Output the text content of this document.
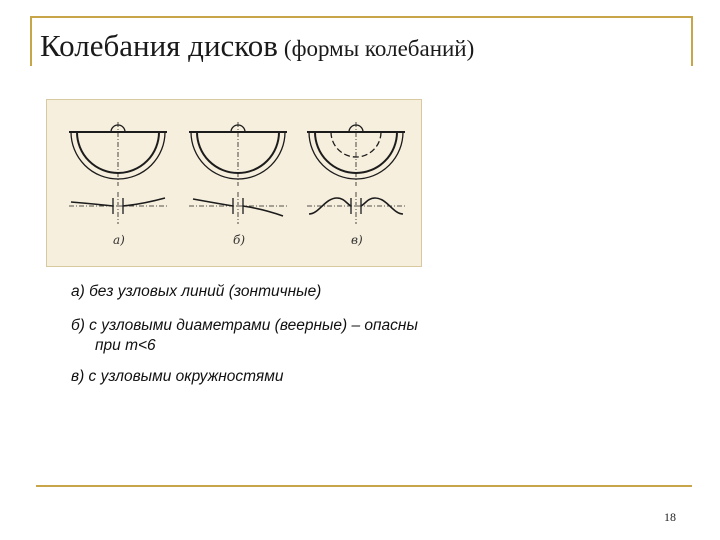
Колебания дисков (формы колебаний)
а)	б)	в)
а) без узловых линий (зонтичные)
б) с узловыми диаметрами (веерные) – опасны
при m<6
в) с узловыми окружностями
18
